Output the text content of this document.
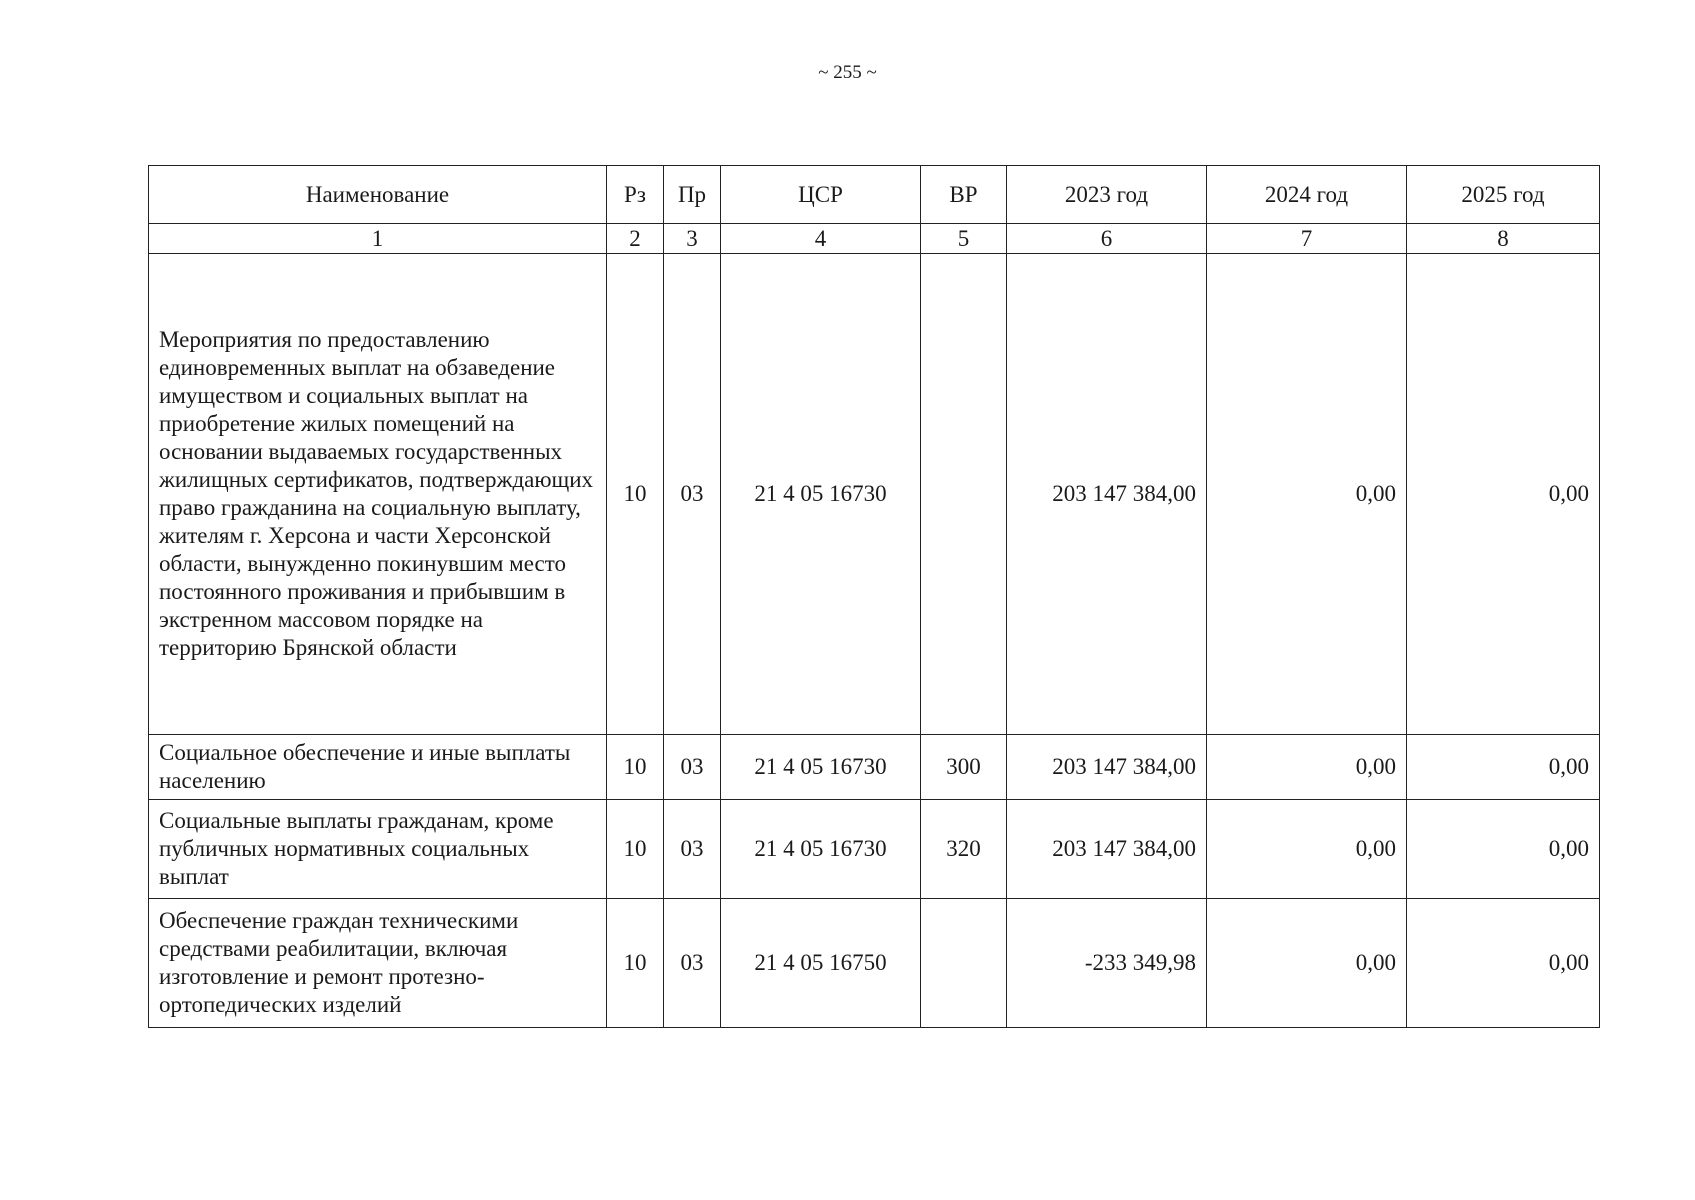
~ 255 ~
Наименование	Рз	Пр	ЦСР	ВР	2023 год	2024 год	2025 год
1	2	3	4	5	6	7	8
Мероприятия по предоставлению единовременных выплат на обзаведение имуществом и социальных выплат на приобретение жилых помещений на основании выдаваемых государственных жилищных сертификатов, подтверждающих право гражданина на социальную выплату, жителям г. Херсона и части Херсонской области, вынужденно покинувшим место постоянного проживания и прибывшим в экстренном массовом порядке на территорию Брянской области	10	03	21 4 05 16730		203 147 384,00	0,00	0,00
Социальное обеспечение и иные выплаты населению	10	03	21 4 05 16730	300	203 147 384,00	0,00	0,00
Социальные выплаты гражданам, кроме публичных нормативных социальных выплат	10	03	21 4 05 16730	320	203 147 384,00	0,00	0,00
Обеспечение граждан техническими средствами реабилитации, включая изготовление и ремонт протезно-ортопедических изделий	10	03	21 4 05 16750		-233 349,98	0,00	0,00
